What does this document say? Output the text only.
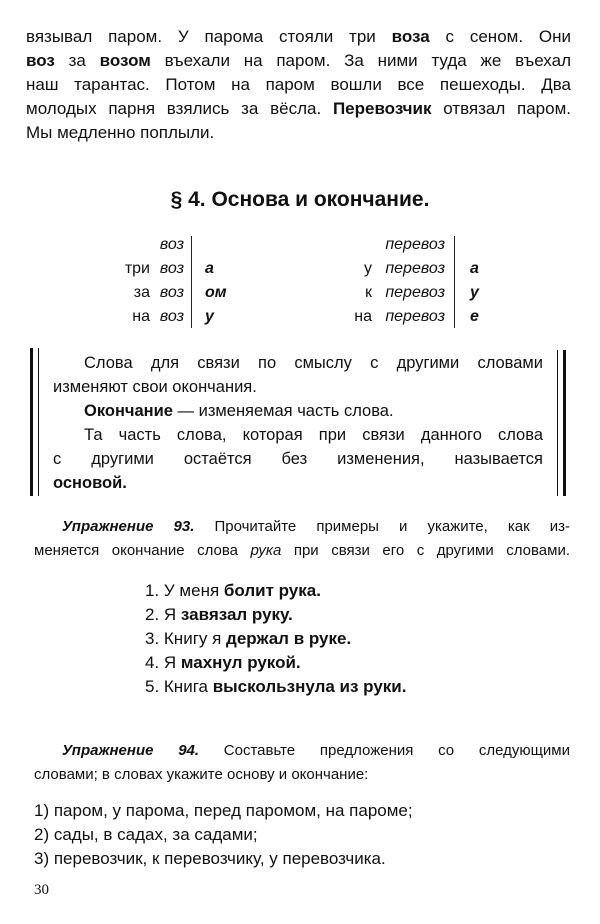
вязывал паром. У парома стояли три воза с сеном. Они
воз за возом въехали на паром. За ними туда же въехал
наш тарантас. Потом на паром вошли все пешеходы. Два
молодых парня взялись за вёсла. Перевозчик отвязал паром.
Мы медленно поплыли.
§ 4. Основа и окончание.

три
за
на
воз
воз
воз
воз

а
ом
у

у
к
на
перевоз
перевоз
перевоз
перевоз

а
у
е
Слова для связи по смыслу с другими словами
изменяют свои окончания.
Окончание — изменяемая часть слова.
Та часть слова, которая при связи данного слова
с другими остаётся без изменения, называется
основой.
Упражнение 93. Прочитайте примеры и укажите, как из-
меняется окончание слова рука при связи его с другими словами.
1. У меня болит рука.
2. Я завязал руку.
3. Книгу я держал в руке.
4. Я махнул рукой.
5. Книга выскользнула из руки.
Упражнение 94. Составьте предложения со следующими
словами; в словах укажите основу и окончание:
1) паром, у парома, перед паромом, на пароме;
2) сады, в садах, за садами;
3) перевозчик, к перевозчику, у перевозчика.
30
